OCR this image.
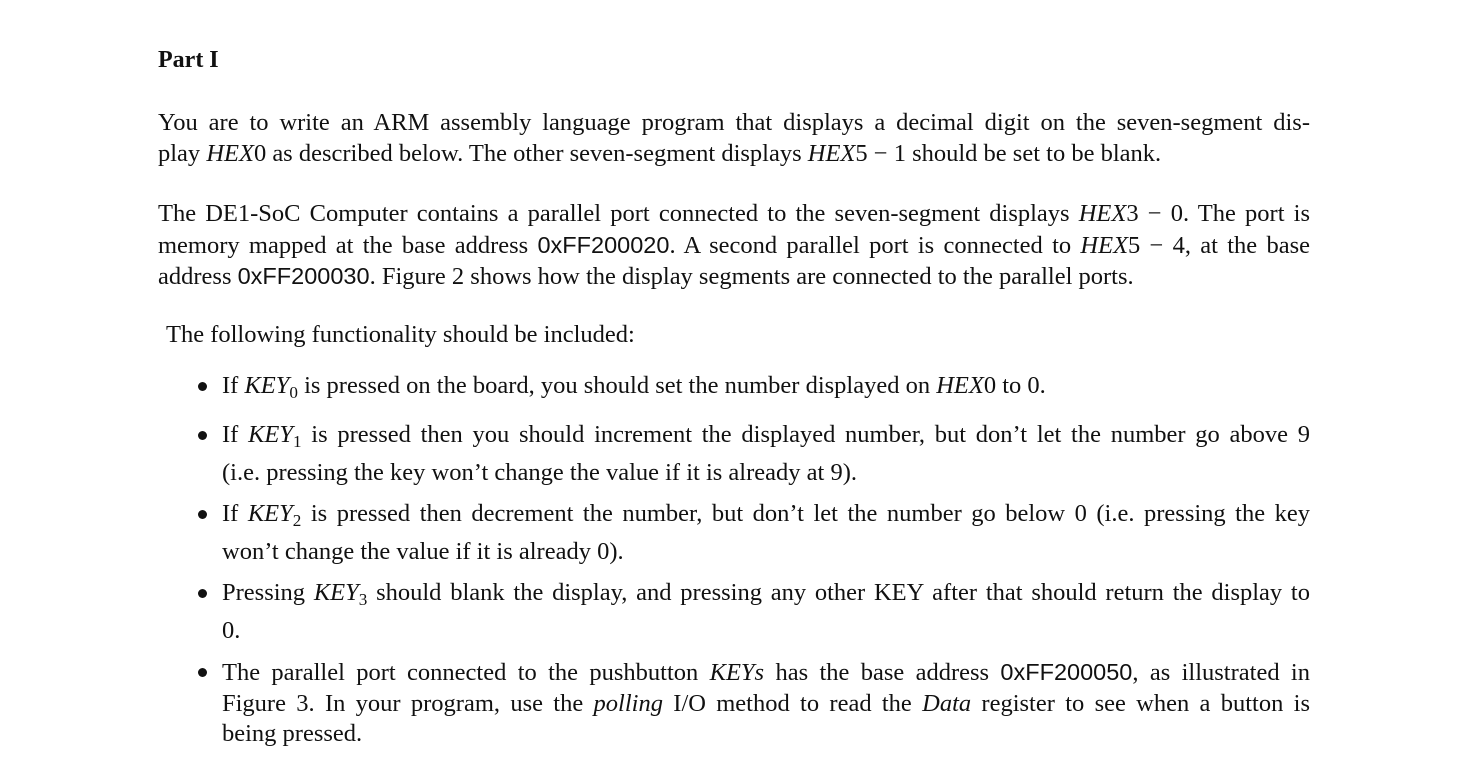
Part I
You are to write an ARM assembly language program that displays a decimal digit on the seven-segment dis-
play HEX0 as described below. The other seven-segment displays HEX5 − 1 should be set to be blank.
The DE1-SoC Computer contains a parallel port connected to the seven-segment displays HEX3 − 0. The port is
memory mapped at the base address 0xFF200020. A second parallel port is connected to HEX5 − 4, at the base
address 0xFF200030. Figure 2 shows how the display segments are connected to the parallel ports.
The following functionality should be included:
If $KEY_0$ is pressed on the board, you should set the number displayed on HEX0 to 0.
If $KEY_1$ is pressed then you should increment the displayed number, but don’t let the number go above 9
(i.e. pressing the key won’t change the value if it is already at 9).
If $KEY_2$ is pressed then decrement the number, but don’t let the number go below 0 (i.e. pressing the key
won’t change the value if it is already 0).
Pressing $KEY_3$ should blank the display, and pressing any other KEY after that should return the display to
0.
The parallel port connected to the pushbutton KEYs has the base address 0xFF200050, as illustrated in
Figure 3. In your program, use the polling I/O method to read the Data register to see when a button is
being pressed.
